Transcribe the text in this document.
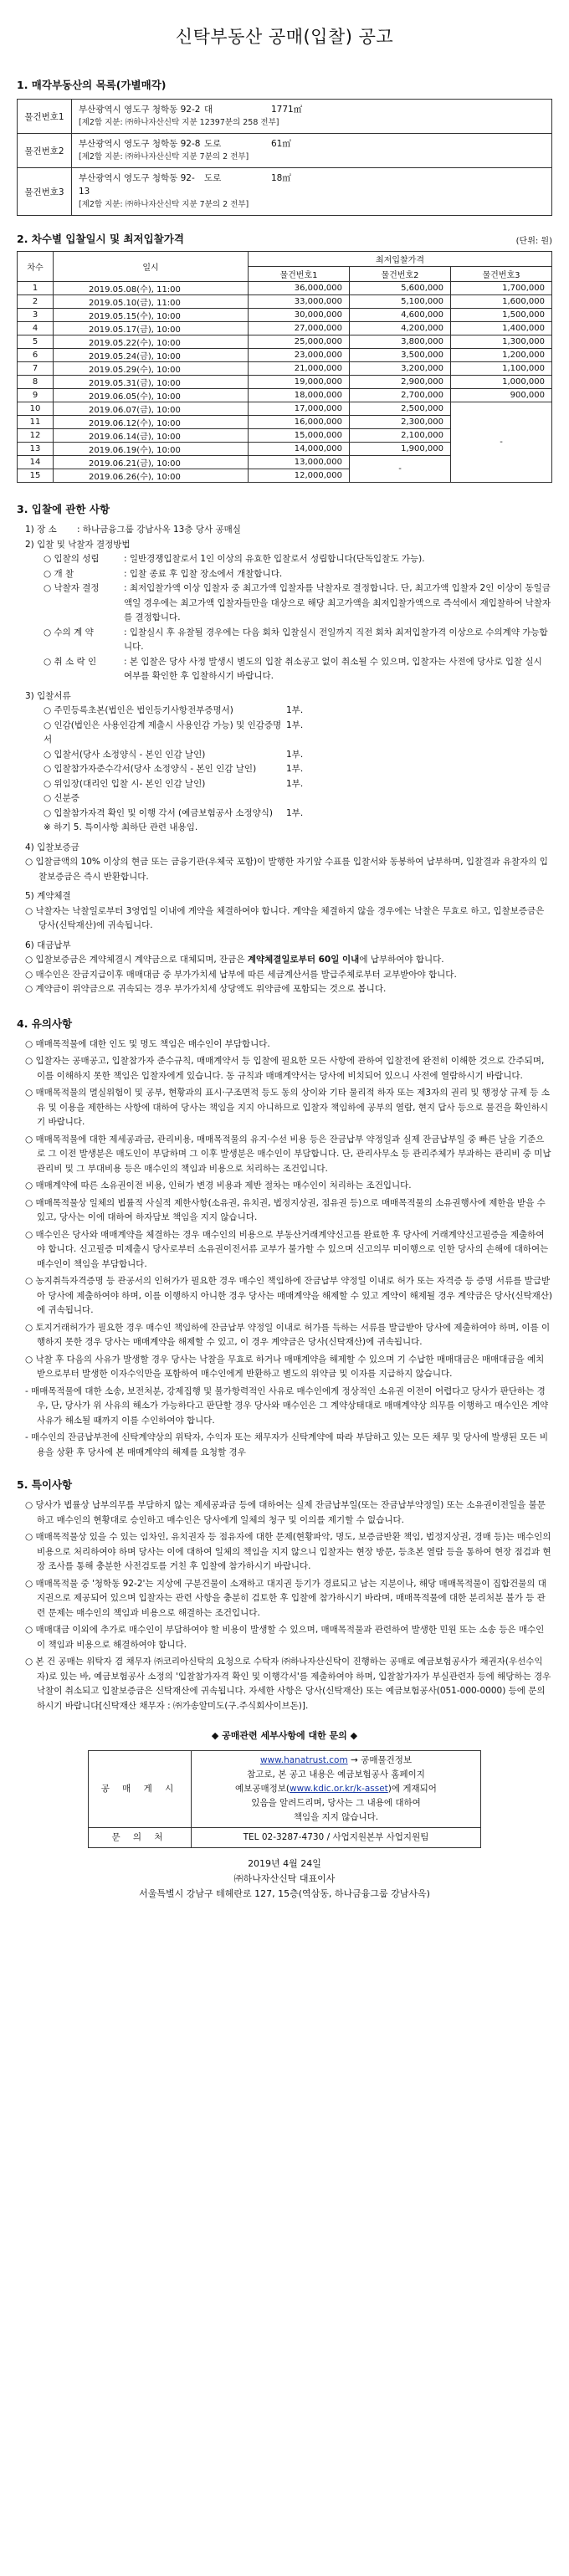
신탁부동산 공매(입찰) 공고
1. 매각부동산의 목록(가별매각)
물건번호1	부산광역시 영도구 청학동 92-2 대 1771㎡
[제2합 지분: ㈜하나자산신탁 지분 12397분의 258 전부]

물건번호2	부산광역시 영도구 청학동 92-8 도로 61㎡
[제2합 지분: ㈜하나자산신탁 지분 7분의 2 전부]

물건번호3	부산광역시 영도구 청학동 92-13
도로 18㎡
[제2합 지분: ㈜하나자산신탁 지분 7분의 2 전부]
2. 차수별 입찰일시 및 최저입찰가격	(단위: 원)
차수	일시	최저입찰가격		
		물건번호1	물건번호2	물건번호3
1	2019.05.08(수), 11:00	36,000,000	5,600,000	1,700,000
2	2019.05.10(금), 11:00	33,000,000	5,100,000	1,600,000
3	2019.05.15(수), 10:00	30,000,000	4,600,000	1,500,000
4	2019.05.17(금), 10:00	27,000,000	4,200,000	1,400,000
5	2019.05.22(수), 10:00	25,000,000	3,800,000	1,300,000
6	2019.05.24(금), 10:00	23,000,000	3,500,000	1,200,000
7	2019.05.29(수), 10:00	21,000,000	3,200,000	1,100,000
8	2019.05.31(금), 10:00	19,000,000	2,900,000	1,000,000
9	2019.06.05(수), 10:00	18,000,000	2,700,000	900,000
10	2019.06.07(금), 10:00	17,000,000	2,500,000	-
11	2019.06.12(수), 10:00	16,000,000	2,300,000	
12	2019.06.14(금), 10:00	15,000,000	2,100,000	
13	2019.06.19(수), 10:00	14,000,000	1,900,000	
14	2019.06.21(금), 10:00	13,000,000	-	
15	2019.06.26(수), 10:00	12,000,000		
3. 입찰에 관한 사항
1) 장 소	: 하나금융그룹 강남사옥 13층 당사 공매실
2) 입찰 및 낙찰자 결정방법
○ 입찰의 성립	: 일반경쟁입찰로서 1인 이상의 유효한 입찰로서 성립합니다(단독입찰도 가능).
○ 개 찰	: 입찰 종료 후 입찰 장소에서 개찰합니다.
○ 낙찰자 결정	: 최저입찰가액 이상 입찰자 중 최고가액 입찰자를 낙찰자로 결정합니다. 단, 최고가액 입찰자 2인 이상이 동일금액일 경우에는 최고가액 입찰자들만을 대상으로 해당 최고가액을 최저입찰가액으로 즉석에서 재입찰하여 낙찰자를 결정합니다.
○ 수의 계 약	: 입찰실시 후 유찰될 경우에는 다음 회차 입찰실시 전일까지 직전 회차 최저입찰가격 이상으로 수의계약 가능합니다.
○ 취 소 락 인	: 본 입찰은 당사 사정 발생시 별도의 입찰 취소공고 없이 취소될 수 있으며, 입찰자는 사전에 당사로 입찰 실시 여부를 확인한 후 입찰하시기 바랍니다.
3) 입찰서류
○ 주민등록초본(법인은 법인등기사항전부증명서)	1부.
○ 인감(법인은 사용인감계 제출시 사용인감 가능) 및 인감증명서
1부.
○ 입찰서(당사 소정양식 - 본인 인감 날인)	1부.
○ 입찰참가자준수각서(당사 소정양식 - 본인 인감 날인)	1부.
○ 위임장(대리인 입찰 시- 본인 인감 날인)	1부.
○ 신분증
○ 입찰참가자격 확인 및 이행 각서 (예금보험공사 소정양식)	1부.
※ 하기 5. 특이사항 최하단 관련 내용임.
4) 입찰보증금
○ 입찰금액의 10% 이상의 현금 또는 금융기관(우체국 포함)이 발행한 자기앞 수표를 입찰서와 동봉하여 납부하며, 입찰결과 유찰자의 입찰보증금은 즉시 반환합니다.
5) 계약체결
○ 낙찰자는 낙찰일로부터 3영업일 이내에 계약을 체결하여야 합니다. 계약을 체결하지 않을 경우에는 낙찰은 무효로 하고, 입찰보증금은 당사(신탁재산)에 귀속됩니다.
6) 대금납부
○ 입찰보증금은 계약체결시 계약금으로 대체되며, 잔금은 계약체결일로부터 60일 이내에 납부하여야 합니다.
○ 매수인은 잔금지급이후 매매대금 중 부가가치세 납부에 따른 세금계산서를 발급주체로부터 교부받아야 합니다.
○ 계약금이 위약금으로 귀속되는 경우 부가가치세 상당액도 위약금에 포함되는 것으로 봅니다.
4. 유의사항
○ 매매목적물에 대한 인도 및 명도 책임은 매수인이 부담합니다.
○ 입찰자는 공매공고, 입찰참가자 준수규칙, 매매계약서 등 입찰에 필요한 모든 사항에 관하여 입찰전에 완전히 이해한 것으로 간주되며, 이를 이해하지 못한 책임은 입찰자에게 있습니다. 동 규칙과 매매계약서는 당사에 비치되어 있으니 사전에 열람하시기 바랍니다.
○ 매매목적물의 멸실위험이 및 공부, 현황과의 표시·구조면적 등도 동의 상이와 기타 물리적 하자 또는 제3자의 권리 및 행정상 규제 등 소유 및 이용을 제한하는 사항에 대하여 당사는 책임을 지지 아니하므로 입찰자 책임하에 공부의 열람, 현지 답사 등으로 물건을 확인하시기 바랍니다.
○ 매매목적물에 대한 제세공과금, 관리비용, 매매목적물의 유지·수선 비용 등은 잔금납부 약정일과 실제 잔금납부일 중 빠른 날을 기준으로 그 이전 발생분은 매도인이 부담하며 그 이후 발생분은 매수인이 부담합니다. 단, 관리사무소 등 관리주체가 부과하는 관리비 중 미납관리비 및 그 부대비용 등은 매수인의 책임과 비용으로 처리하는 조건입니다.
○ 매매계약에 따른 소유권이전 비용, 인허가 변경 비용과 제반 절차는 매수인이 처리하는 조건입니다.
○ 매매목적물상 일체의 법률적 사실적 제한사항(소유권, 유치권, 법정지상권, 점유권 등)으로 매매목적물의 소유권행사에 제한을 받을 수 있고, 당사는 이에 대하여 하자담보 책임을 지지 않습니다.
○ 매수인은 당사와 매매계약을 체결하는 경우 매수인의 비용으로 부동산거래계약신고를 완료한 후 당사에 거래계약신고필증을 제출하여야 합니다. 신고필증 미제출시 당사로부터 소유권이전서류 교부가 불가할 수 있으며 신고의무 미이행으로 인한 당사의 손해에 대하여는 매수인이 책임을 부담합니다.
○ 농지취득자격증명 등 관공서의 인허가가 필요한 경우 매수인 책임하에 잔금납부 약정일 이내로 허가 또는 자격증 등 증명 서류를 발급받아 당사에 제출하여야 하며, 이를 이행하지 아니한 경우 당사는 매매계약을 해제할 수 있고 계약이 해제될 경우 계약금은 당사(신탁재산)에 귀속됩니다.
○ 토지거래허가가 필요한 경우 매수인 책임하에 잔금납부 약정일 이내로 허가를 득하는 서류를 발급받아 당사에 제출하여야 하며, 이를 이행하지 못한 경우 당사는 매매계약을 해제할 수 있고, 이 경우 계약금은 당사(신탁재산)에 귀속됩니다.
○ 낙찰 후 다음의 사유가 발생할 경우 당사는 낙찰을 무효로 하거나 매매계약을 해제할 수 있으며 기 수납한 매매대금은 매매대금을 예치받으로부터 발생한 이자수익만을 포함하여 매수인에게 반환하고 별도의 위약금 및 이자를 지급하지 않습니다.
- 매매목적물에 대한 소송, 보전처분, 강제집행 및 불가항력적인 사유로 매수인에게 정상적인 소유권 이전이 어렵다고 당사가 판단하는 경우, 단, 당사가 위 사유의 해소가 가능하다고 판단할 경우 당사와 매수인은 그 계약상태대로 매매계약상 의무를 이행하고 매수인은 계약사유가 해소될 때까지 이를 수인하여야 합니다.
- 매수인의 잔금납부전에 신탁계약상의 위탁자, 수익자 또는 채무자가 신탁계약에 따라 부담하고 있는 모든 채무 및 당사에 발생된 모든 비용을 상환 후 당사에 본 매매계약의 해제를 요청할 경우
5. 특이사항
○ 당사가 법률상 납부의무를 부담하지 않는 제세공과금 등에 대하여는 실제 잔금납부일(또는 잔금납부약정일) 또는 소유권이전일을 불문하고 매수인의 현황대로 승인하고 매수인은 당사에게 일체의 청구 및 이의를 제기할 수 없습니다.
○ 매매목적물상 있을 수 있는 임차인, 유치권자 등 점유자에 대한 문제(현황파악, 명도, 보증금반환 책임, 법정지상권, 경매 등)는 매수인의 비용으로 처리하여야 하며 당사는 이에 대하여 일체의 책임을 지지 않으니 입찰자는 현장 방문, 등초본 열람 등을 통하여 현장 점검과 현장 조사를 통해 충분한 사전검토를 거친 후 입찰에 참가하시기 바랍니다.
○ 매매목적물 중 '청학동 92-2'는 지상에 구분건물이 소재하고 대지권 등기가 경료되고 남는 지분이나, 해당 매매목적물이 집합건물의 대지권으로 제공되어 있으며 입찰자는 관련 사항을 충분히 검토한 후 입찰에 참가하시기 바라며, 매매목적물에 대한 분리처분 불가 등 관련 문제는 매수인의 책임과 비용으로 해결하는 조건입니다.
○ 매매대금 이외에 추가로 매수인이 부담하여야 할 비용이 발생할 수 있으며, 매매목적물과 관련하여 발생한 민원 또는 소송 등은 매수인이 책임과 비용으로 해결하여야 합니다.
○ 본 건 공매는 위탁자 겸 채무자 ㈜코리아신탁의 요청으로 수탁자 ㈜하나자산신탁이 진행하는 공매로 예금보험공사가 채권자(우선수익자)로 있는 바, 예금보험공사 소정의 '입찰참가자격 확인 및 이행각서'를 제출하여야 하며, 입찰참가자가 부실관련자 등에 해당하는 경우 낙찰이 취소되고 입찰보증금은 신탁재산에 귀속됩니다. 자세한 사항은 당사(신탁재산) 또는 예금보험공사(051-000-0000) 등에 문의하시기 바랍니다[신탁재산 채무자 : ㈜가송알미도(구.주식회사이브돈)].
◆ 공매관련 세부사항에 대한 문의 ◆
공 매 게 시	www.hanatrust.com → 공매물건정보
참고로, 본 공고 내용은 예금보험공사 홈페이지
예보공매정보(www.kdic.or.kr/k-asset)에 게재되어
있음을 알려드리며, 당사는 그 내용에 대하여
책임을 지지 않습니다.

문 의 처	TEL 02-3287-4730 / 사업지원본부 사업지원팀
2019년 4월 24일
㈜하나자산신탁 대표이사
서울특별시 강남구 테헤란로 127, 15층(역삼동, 하나금융그룹 강남사옥)
